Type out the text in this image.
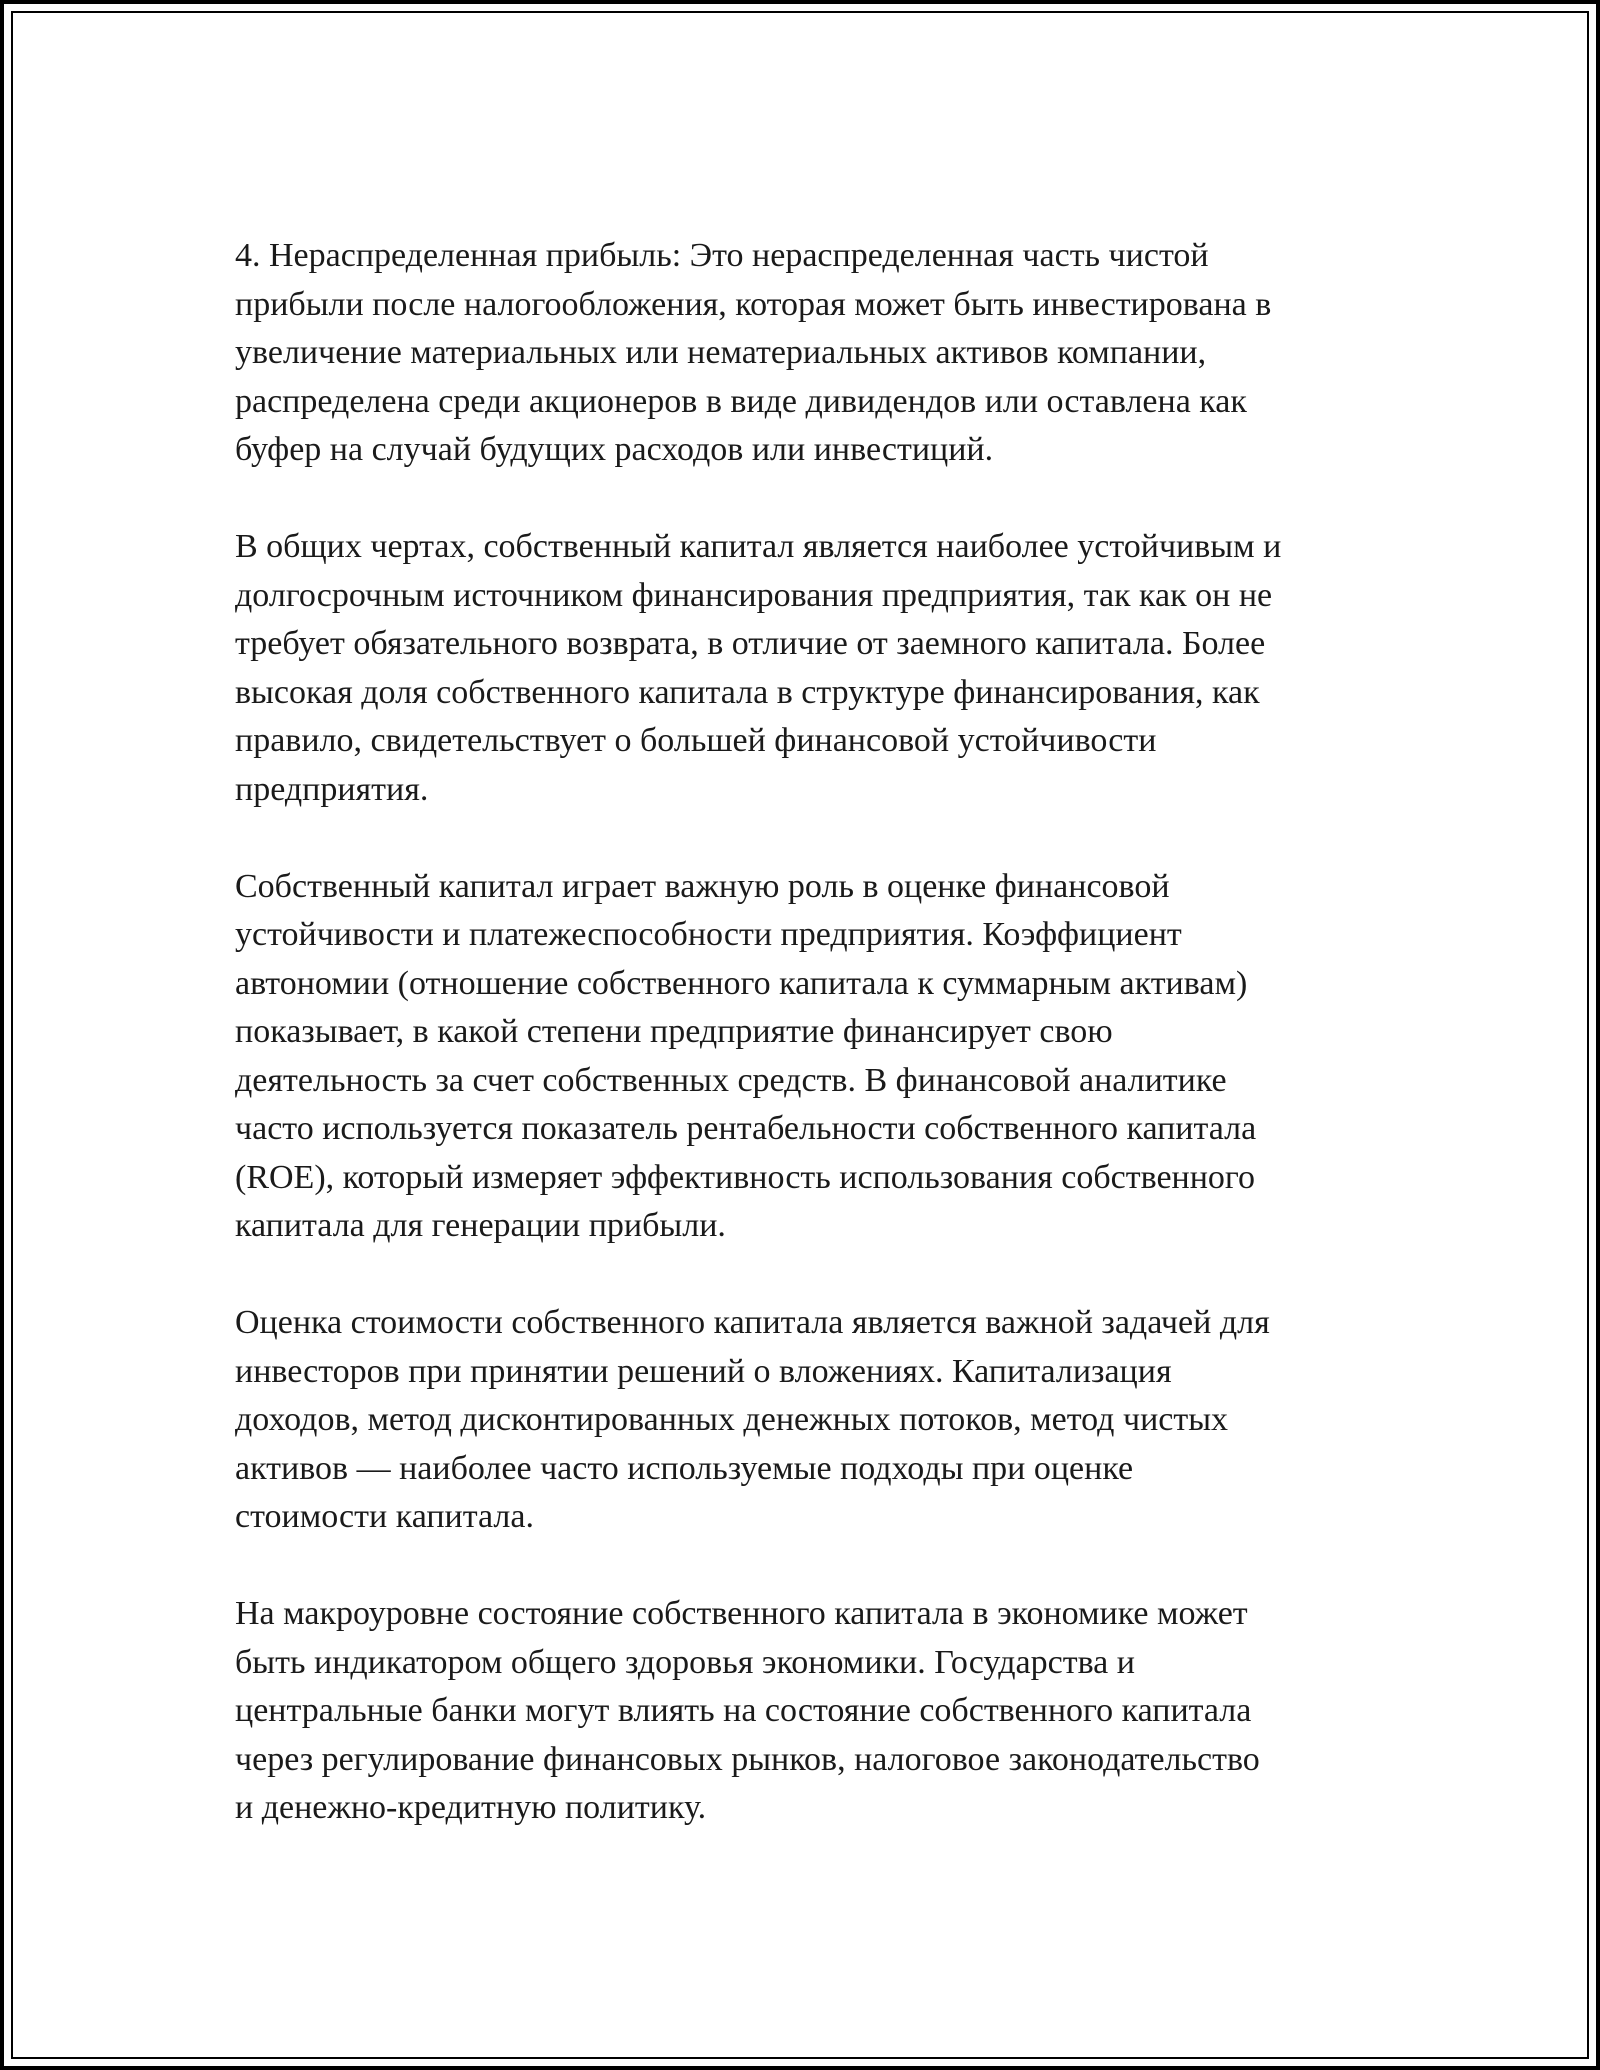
4. Нераспределенная прибыль: Это нераспределенная часть чистой
прибыли после налогообложения, которая может быть инвестирована в
увеличение материальных или нематериальных активов компании,
распределена среди акционеров в виде дивидендов или оставлена как
буфер на случай будущих расходов или инвестиций.

В общих чертах, собственный капитал является наиболее устойчивым и
долгосрочным источником финансирования предприятия, так как он не
требует обязательного возврата, в отличие от заемного капитала. Более
высокая доля собственного капитала в структуре финансирования, как
правило, свидетельствует о большей финансовой устойчивости
предприятия.

Собственный капитал играет важную роль в оценке финансовой
устойчивости и платежеспособности предприятия. Коэффициент
автономии (отношение собственного капитала к суммарным активам)
показывает, в какой степени предприятие финансирует свою
деятельность за счет собственных средств. В финансовой аналитике
часто используется показатель рентабельности собственного капитала
(ROE), который измеряет эффективность использования собственного
капитала для генерации прибыли.

Оценка стоимости собственного капитала является важной задачей для
инвесторов при принятии решений о вложениях. Капитализация
доходов, метод дисконтированных денежных потоков, метод чистых
активов — наиболее часто используемые подходы при оценке
стоимости капитала.

На макроуровне состояние собственного капитала в экономике может
быть индикатором общего здоровья экономики. Государства и
центральные банки могут влиять на состояние собственного капитала
через регулирование финансовых рынков, налоговое законодательство
и денежно-кредитную политику.
